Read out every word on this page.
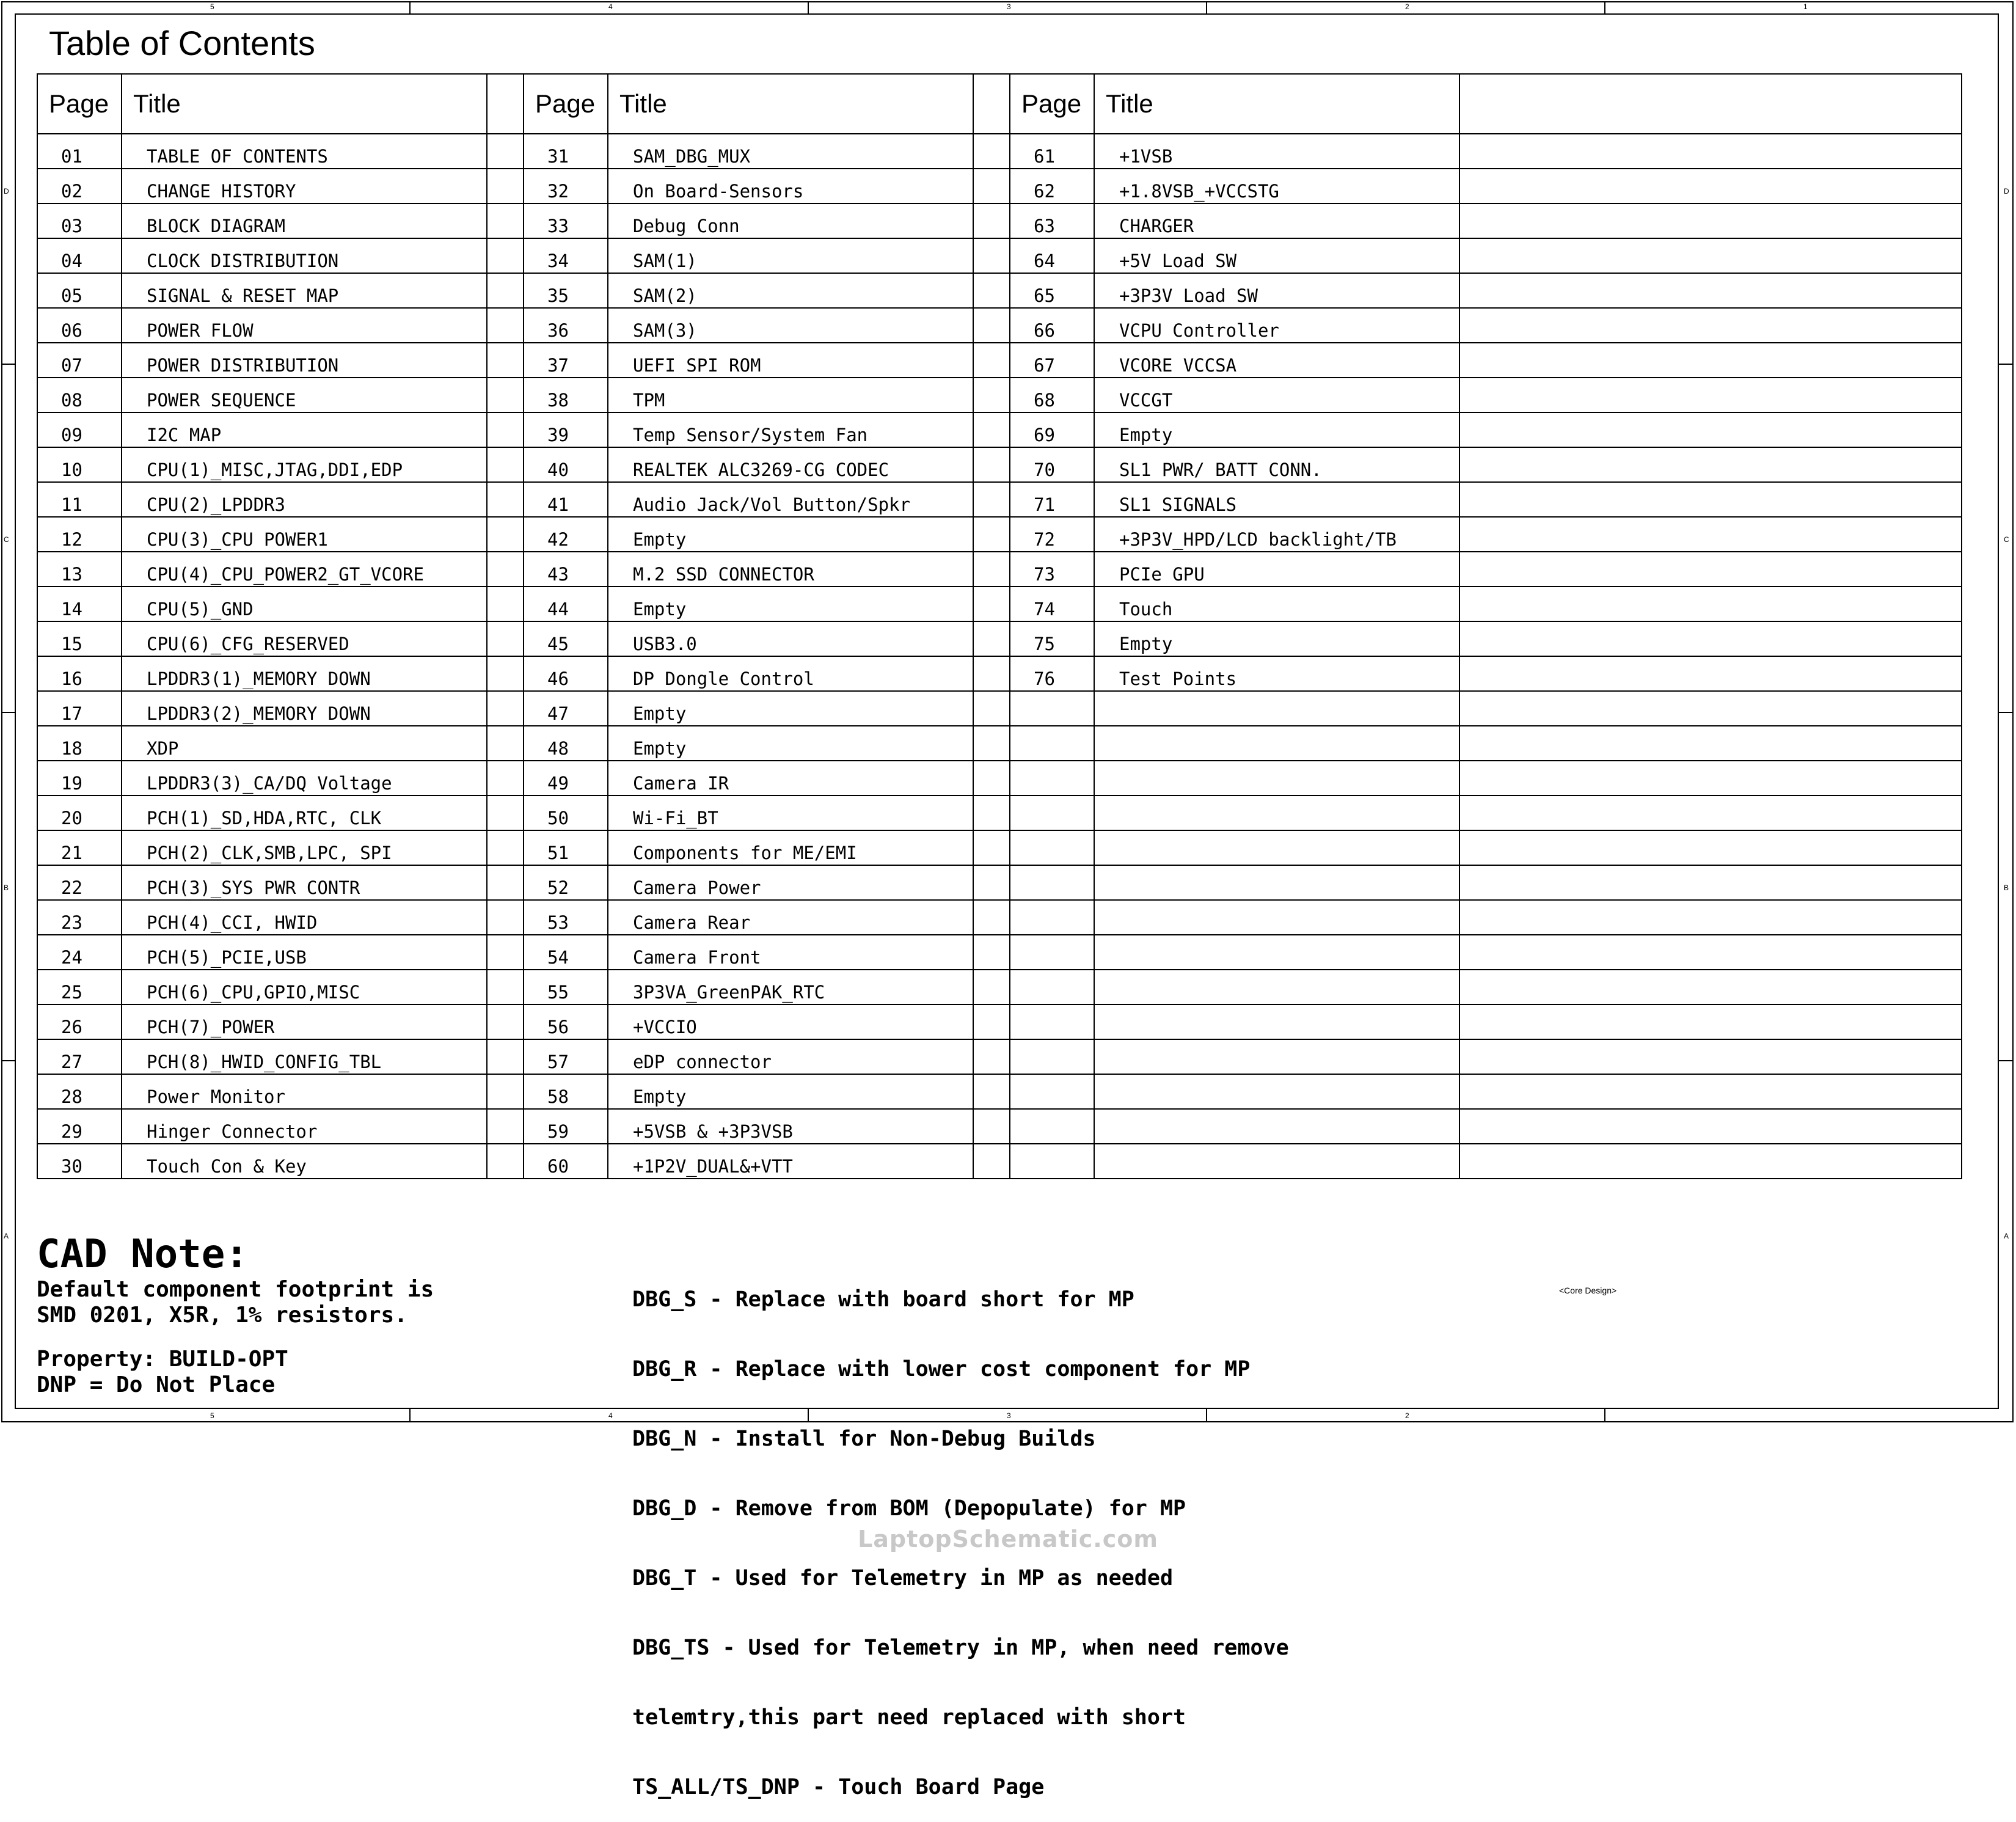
5	4	3	2	1
5	4	3	2
D
C
B
A
D
C
B
A
Table of Contents
Page	Title		Page	Title		Page	Title	
01	TABLE OF CONTENTS		31	SAM_DBG_MUX		61	+1VSB	
02	CHANGE HISTORY		32	On Board-Sensors		62	+1.8VSB_+VCCSTG	
03	BLOCK DIAGRAM		33	Debug Conn		63	CHARGER	
04	CLOCK DISTRIBUTION		34	SAM(1)		64	+5V Load SW	
05	SIGNAL & RESET MAP		35	SAM(2)		65	+3P3V Load SW	
06	POWER FLOW		36	SAM(3)		66	VCPU Controller	
07	POWER DISTRIBUTION		37	UEFI SPI ROM		67	VCORE VCCSA	
08	POWER SEQUENCE		38	TPM		68	VCCGT	
09	I2C MAP		39	Temp Sensor/System Fan		69	Empty	
10	CPU(1)_MISC,JTAG,DDI,EDP		40	REALTEK ALC3269-CG CODEC		70	SL1 PWR/ BATT CONN.	
11	CPU(2)_LPDDR3		41	Audio Jack/Vol Button/Spkr		71	SL1 SIGNALS	
12	CPU(3)_CPU POWER1		42	Empty		72	+3P3V_HPD/LCD backlight/TB	
13	CPU(4)_CPU_POWER2_GT_VCORE		43	M.2 SSD CONNECTOR		73	PCIe GPU	
14	CPU(5)_GND		44	Empty		74	Touch	
15	CPU(6)_CFG_RESERVED		45	USB3.0		75	Empty	
16	LPDDR3(1)_MEMORY DOWN		46	DP Dongle Control		76	Test Points	
17	LPDDR3(2)_MEMORY DOWN		47	Empty				
18	XDP		48	Empty				
19	LPDDR3(3)_CA/DQ Voltage		49	Camera IR				
20	PCH(1)_SD,HDA,RTC, CLK		50	Wi-Fi_BT				
21	PCH(2)_CLK,SMB,LPC, SPI		51	Components for ME/EMI				
22	PCH(3)_SYS PWR CONTR		52	Camera Power				
23	PCH(4)_CCI, HWID		53	Camera Rear				
24	PCH(5)_PCIE,USB		54	Camera Front				
25	PCH(6)_CPU,GPIO,MISC		55	3P3VA_GreenPAK_RTC				
26	PCH(7)_POWER		56	+VCCIO				
27	PCH(8)_HWID_CONFIG_TBL		57	eDP connector				
28	Power Monitor		58	Empty				
29	Hinger Connector		59	+5VSB & +3P3VSB				
30	Touch Con & Key		60	+1P2V_DUAL&+VTT				
CAD Note:
Default component footprint is
SMD 0201, X5R, 1% resistors.
Property: BUILD-OPT
DNP = Do Not Place

DBG_S - Replace with board short for MP

DBG_R - Replace with lower cost component for MP

DBG_N - Install for Non-Debug Builds

DBG_D - Remove from BOM (Depopulate) for MP

DBG_T - Used for Telemetry in MP as needed

DBG_TS - Used for Telemetry in MP, when need remove

telemtry,this part need replaced with short

TS_ALL/TS_DNP - Touch Board Page

<Core Design>
LaptopSchematic.com
